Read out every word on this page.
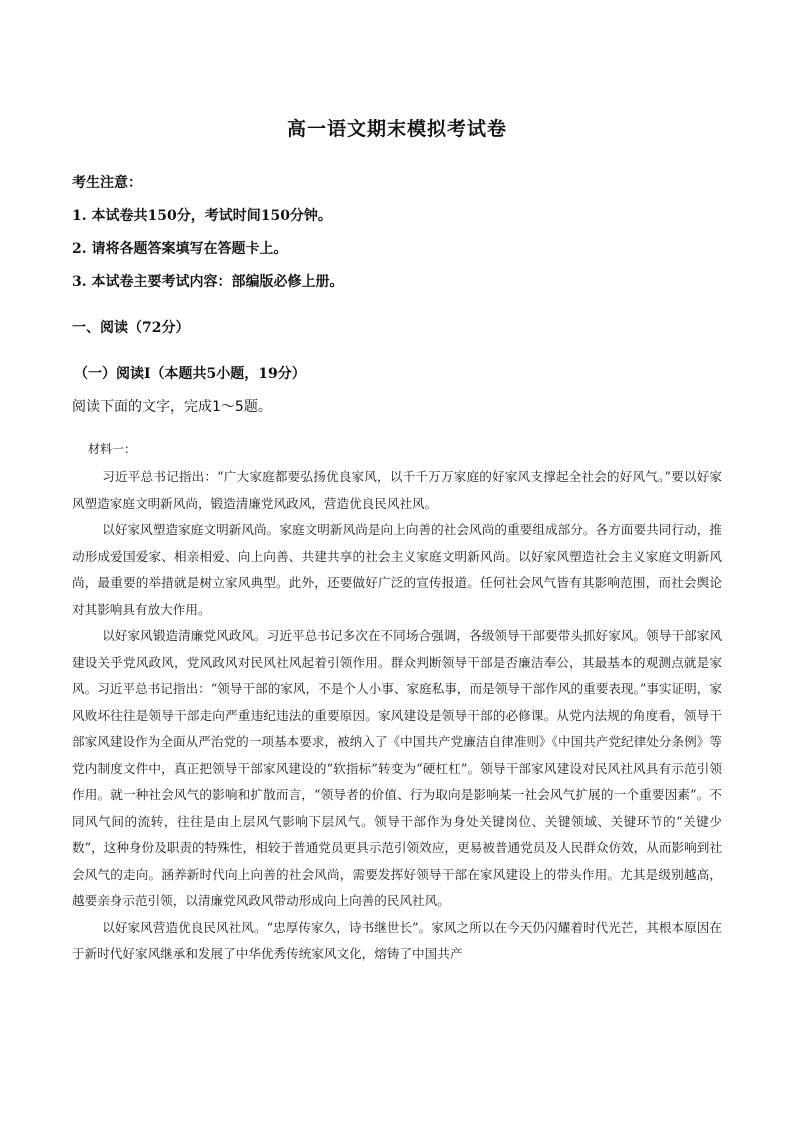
高一语文期末模拟考试卷
考生注意：
1. 本试卷共150分，考试时间150分钟。
2. 请将各题答案填写在答题卡上。
3. 本试卷主要考试内容：部编版必修上册。
一、阅读（72分）
（一）阅读Ⅰ（本题共5小题，19分）
阅读下面的文字，完成1～5题。
材料一：

习近平总书记指出：“广大家庭都要弘扬优良家风，以千千万万家庭的好家风支撑起全社会的好风气。”要以好家风塑造家庭文明新风尚，锻造清廉党风政风，营造优良民风社风。

以好家风塑造家庭文明新风尚。家庭文明新风尚是向上向善的社会风尚的重要组成部分。各方面要共同行动，推动形成爱国爱家、相亲相爱、向上向善、共建共享的社会主义家庭文明新风尚。以好家风塑造社会主义家庭文明新风尚，最重要的举措就是树立家风典型。此外，还要做好广泛的宣传报道。任何社会风气皆有其影响范围，而社会舆论对其影响具有放大作用。

以好家风锻造清廉党风政风。习近平总书记多次在不同场合强调，各级领导干部要带头抓好家风。领导干部家风建设关乎党风政风，党风政风对民风社风起着引领作用。群众判断领导干部是否廉洁奉公，其最基本的观测点就是家风。习近平总书记指出：“领导干部的家风，不是个人小事、家庭私事，而是领导干部作风的重要表现。”事实证明，家风败坏往往是领导干部走向严重违纪违法的重要原因。家风建设是领导干部的必修课。从党内法规的角度看，领导干部家风建设作为全面从严治党的一项基本要求，被纳入了《中国共产党廉洁自律准则》《中国共产党纪律处分条例》等党内制度文件中，真正把领导干部家风建设的“软指标”转变为“硬杠杠”。领导干部家风建设对民风社风具有示范引领作用。就一种社会风气的影响和扩散而言，“领导者的价值、行为取向是影响某一社会风气扩展的一个重要因素”。不同风气间的流转，往往是由上层风气影响下层风气。领导干部作为身处关键岗位、关键领域、关键环节的“关键少数”，这种身份及职责的特殊性，相较于普通党员更具示范引领效应，更易被普通党员及人民群众仿效，从而影响到社会风气的走向。涵养新时代向上向善的社会风尚，需要发挥好领导干部在家风建设上的带头作用。尤其是级别越高，越要亲身示范引领，以清廉党风政风带动形成向上向善的民风社风。

以好家风营造优良民风社风。“忠厚传家久，诗书继世长”。家风之所以在今天仍闪耀着时代光芒，其根本原因在于新时代好家风继承和发展了中华优秀传统家风文化，熔铸了中国共产
